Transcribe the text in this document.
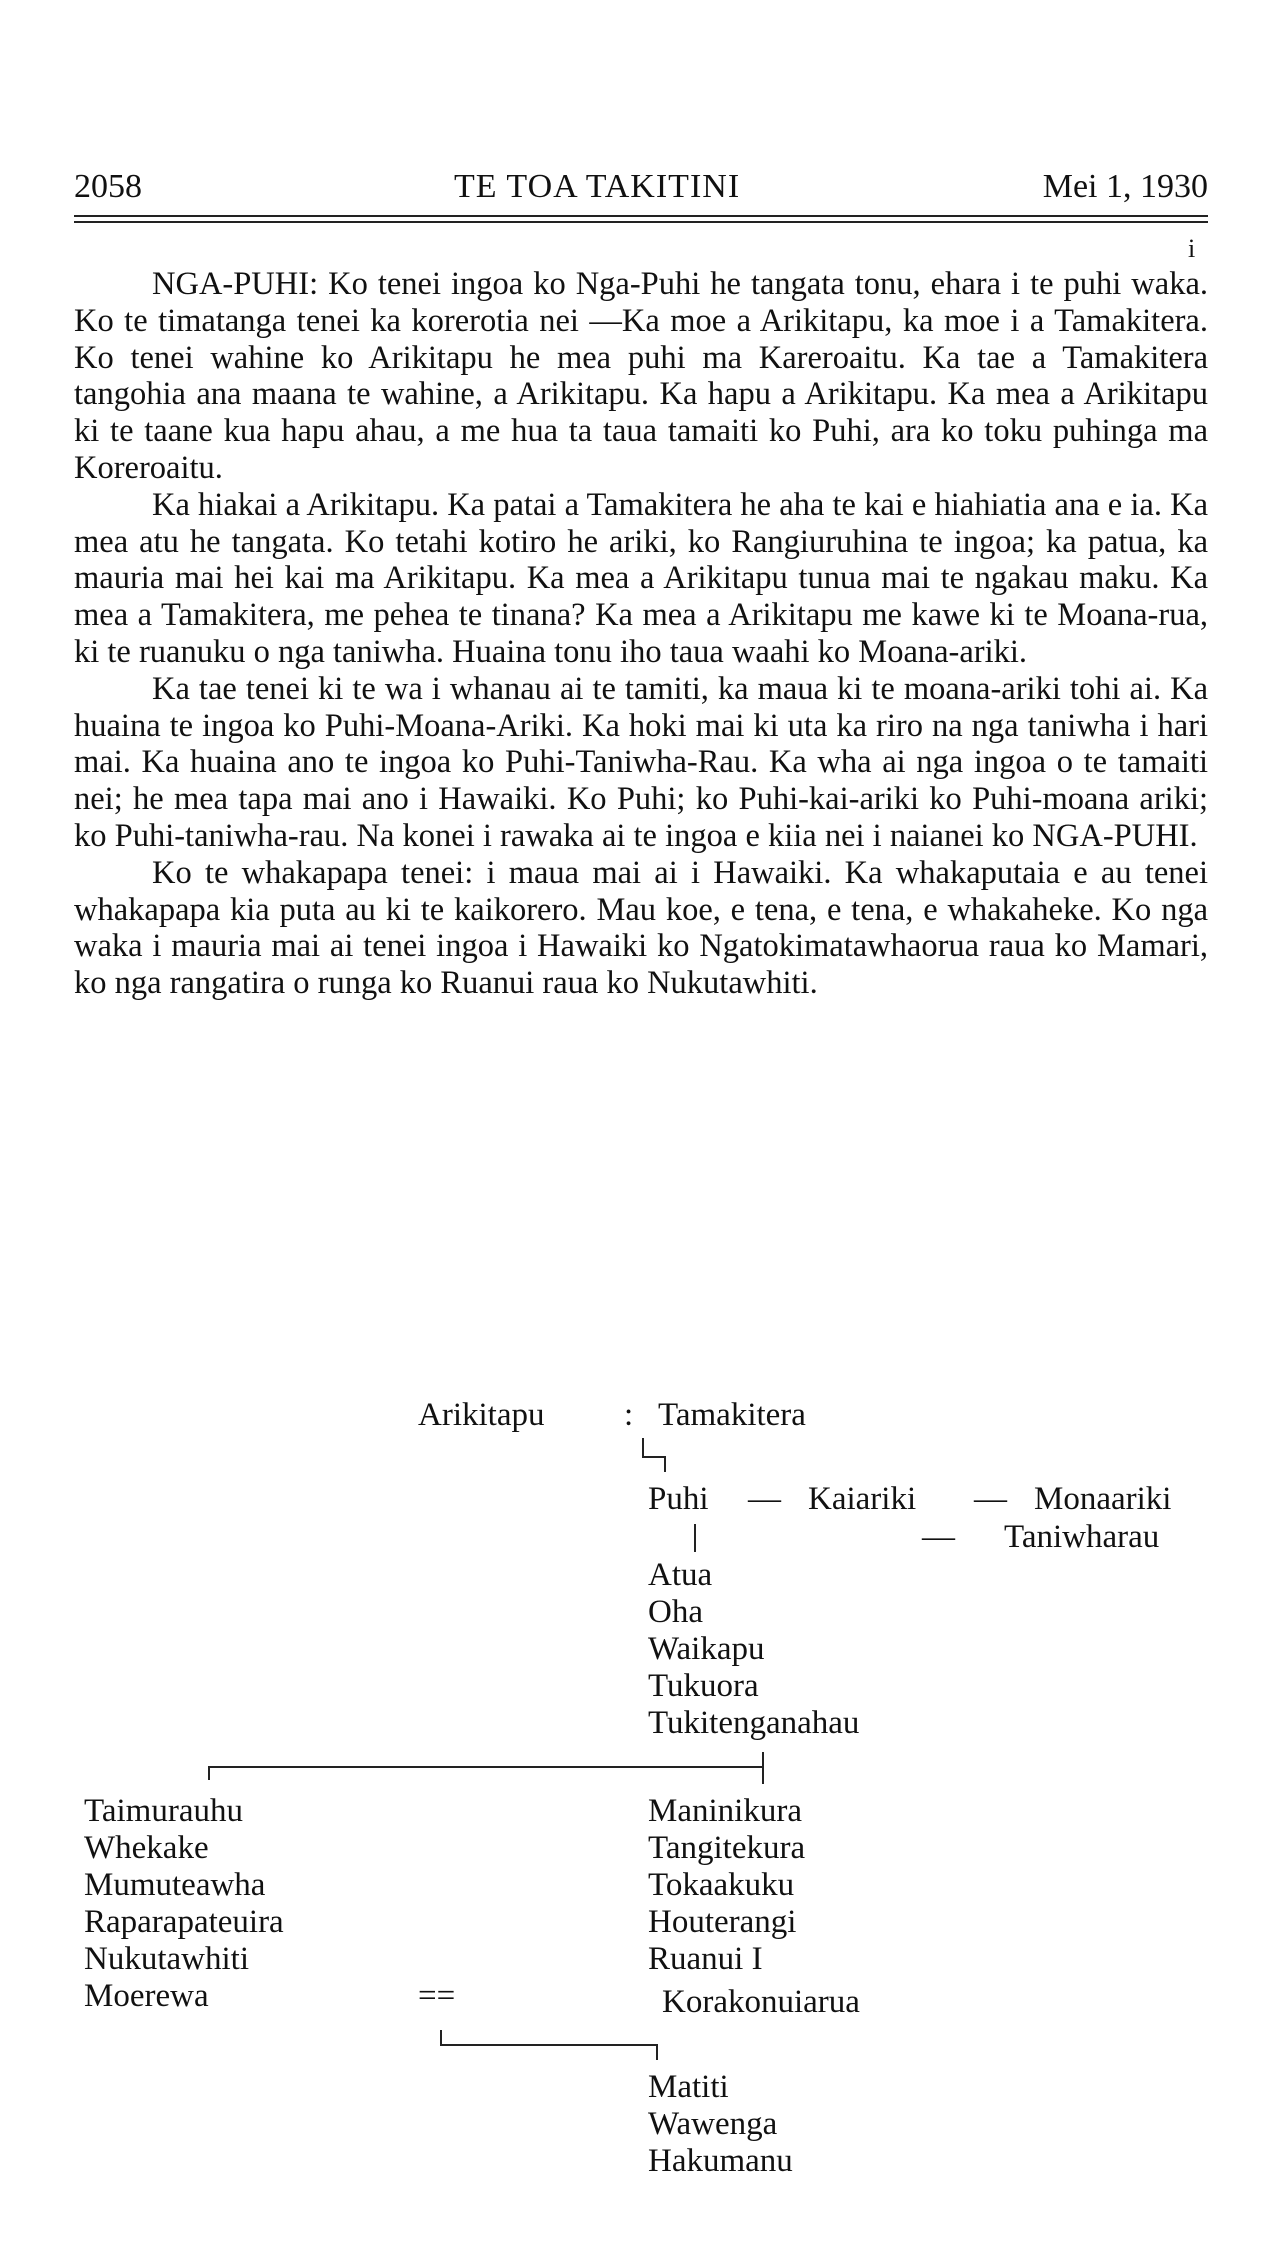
2058	TE TOA TAKITINI	Mei 1, 1930
i

NGA-PUHI: Ko tenei ingoa ko Nga-Puhi he tangata tonu, ehara i te puhi waka. Ko te timatanga tenei ka korerotia nei —Ka moe a Arikitapu, ka moe i a Tamakitera. Ko tenei wahine ko Arikitapu he mea puhi ma Kareroaitu. Ka tae a Tamakitera tangohia ana maana te wahine, a Arikitapu. Ka hapu a Arikitapu. Ka mea a Arikitapu ki te taane kua hapu ahau, a me hua ta taua tamaiti ko Puhi, ara ko toku puhinga ma Koreroaitu.

Ka hiakai a Arikitapu. Ka patai a Tamakitera he aha te kai e hiahiatia ana e ia. Ka mea atu he tangata. Ko tetahi kotiro he ariki, ko Rangiuruhina te ingoa; ka patua, ka mauria mai hei kai ma Arikitapu. Ka mea a Arikitapu tunua mai te ngakau maku. Ka mea a Tamakitera, me pehea te tinana? Ka mea a Arikitapu me kawe ki te Moana-rua, ki te ruanuku o nga taniwha. Huaina tonu iho taua waahi ko Moana-ariki.

Ka tae tenei ki te wa i whanau ai te tamiti, ka maua ki te moana-ariki tohi ai. Ka huaina te ingoa ko Puhi-Moana-Ariki. Ka hoki mai ki uta ka riro na nga taniwha i hari mai. Ka huaina ano te ingoa ko Puhi-Taniwha-Rau. Ka wha ai nga ingoa o te tamaiti nei; he mea tapa mai ano i Hawaiki. Ko Puhi; ko Puhi-kai-ariki ko Puhi-moana ariki; ko Puhi-taniwha-rau. Na konei i rawaka ai te ingoa e kiia nei i naianei ko NGA-PUHI.

Ko te whakapapa tenei: i maua mai ai i Hawaiki. Ka whakaputaia e au tenei whakapapa kia puta au ki te kaikorero. Mau koe, e tena, e tena, e whakaheke. Ko nga waka i mauria mai ai tenei ingoa i Hawaiki ko Ngatokimatawhaorua raua ko Mamari, ko nga rangatira o runga ko Ruanui raua ko Nukutawhiti.

Arikitapu : Tamakitera
Puhi — Kaiariki — Monaariki
— Taniwharau
Atua
Oha
Waikapu
Tukuora
Tukitenganahau
Taimurauhu
Whekake
Mumuteawha
Raparapateuira
Nukutawhiti
Moerewa
Maninikura
Tangitekura
Tokaakuku
Houterangi
Ruanui I
==	Korakonuiarua
Matiti
Wawenga
Hakumanu
